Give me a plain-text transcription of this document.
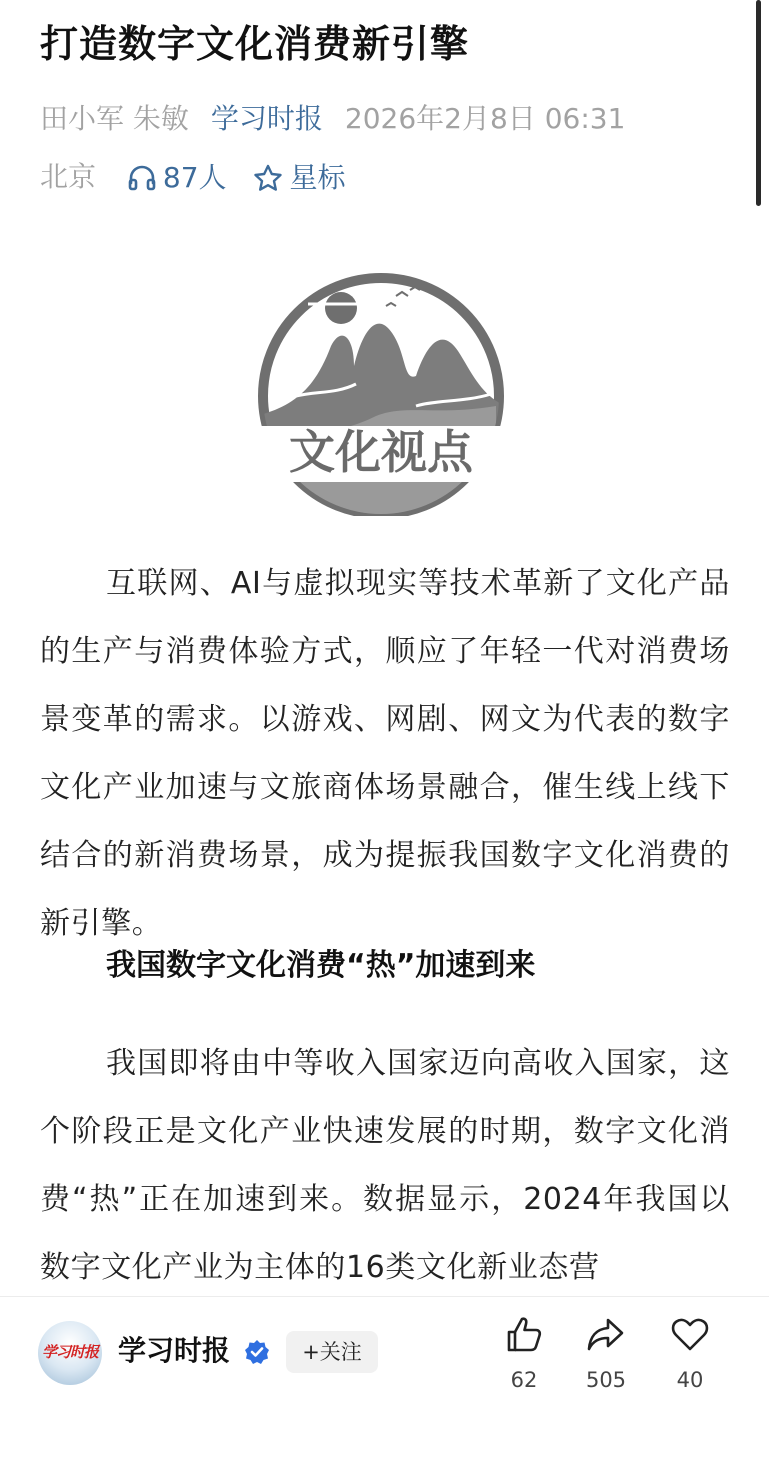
打造数字文化消费新引擎
田小军 朱敏 学习时报 2026年2月8日 06:31
北京 87人 星标
文化视点

互联网、AI与虚拟现实等技术革新了文化产品的生产与消费体验方式，顺应了年轻一代对消费场景变革的需求。以游戏、网剧、网文为代表的数字文化产业加速与文旅商体场景融合，催生线上线下结合的新消费场景，成为提振我国数字文化消费的新引擎。

我国数字文化消费“热”加速到来

我国即将由中等收入国家迈向高收入国家，这个阶段正是文化产业快速发展的时期，数字文化消费“热”正在加速到来。数据显示，2024年我国以数字文化产业为主体的16类文化新业态营

学习时报 学习时报	+关注
62	505	40
